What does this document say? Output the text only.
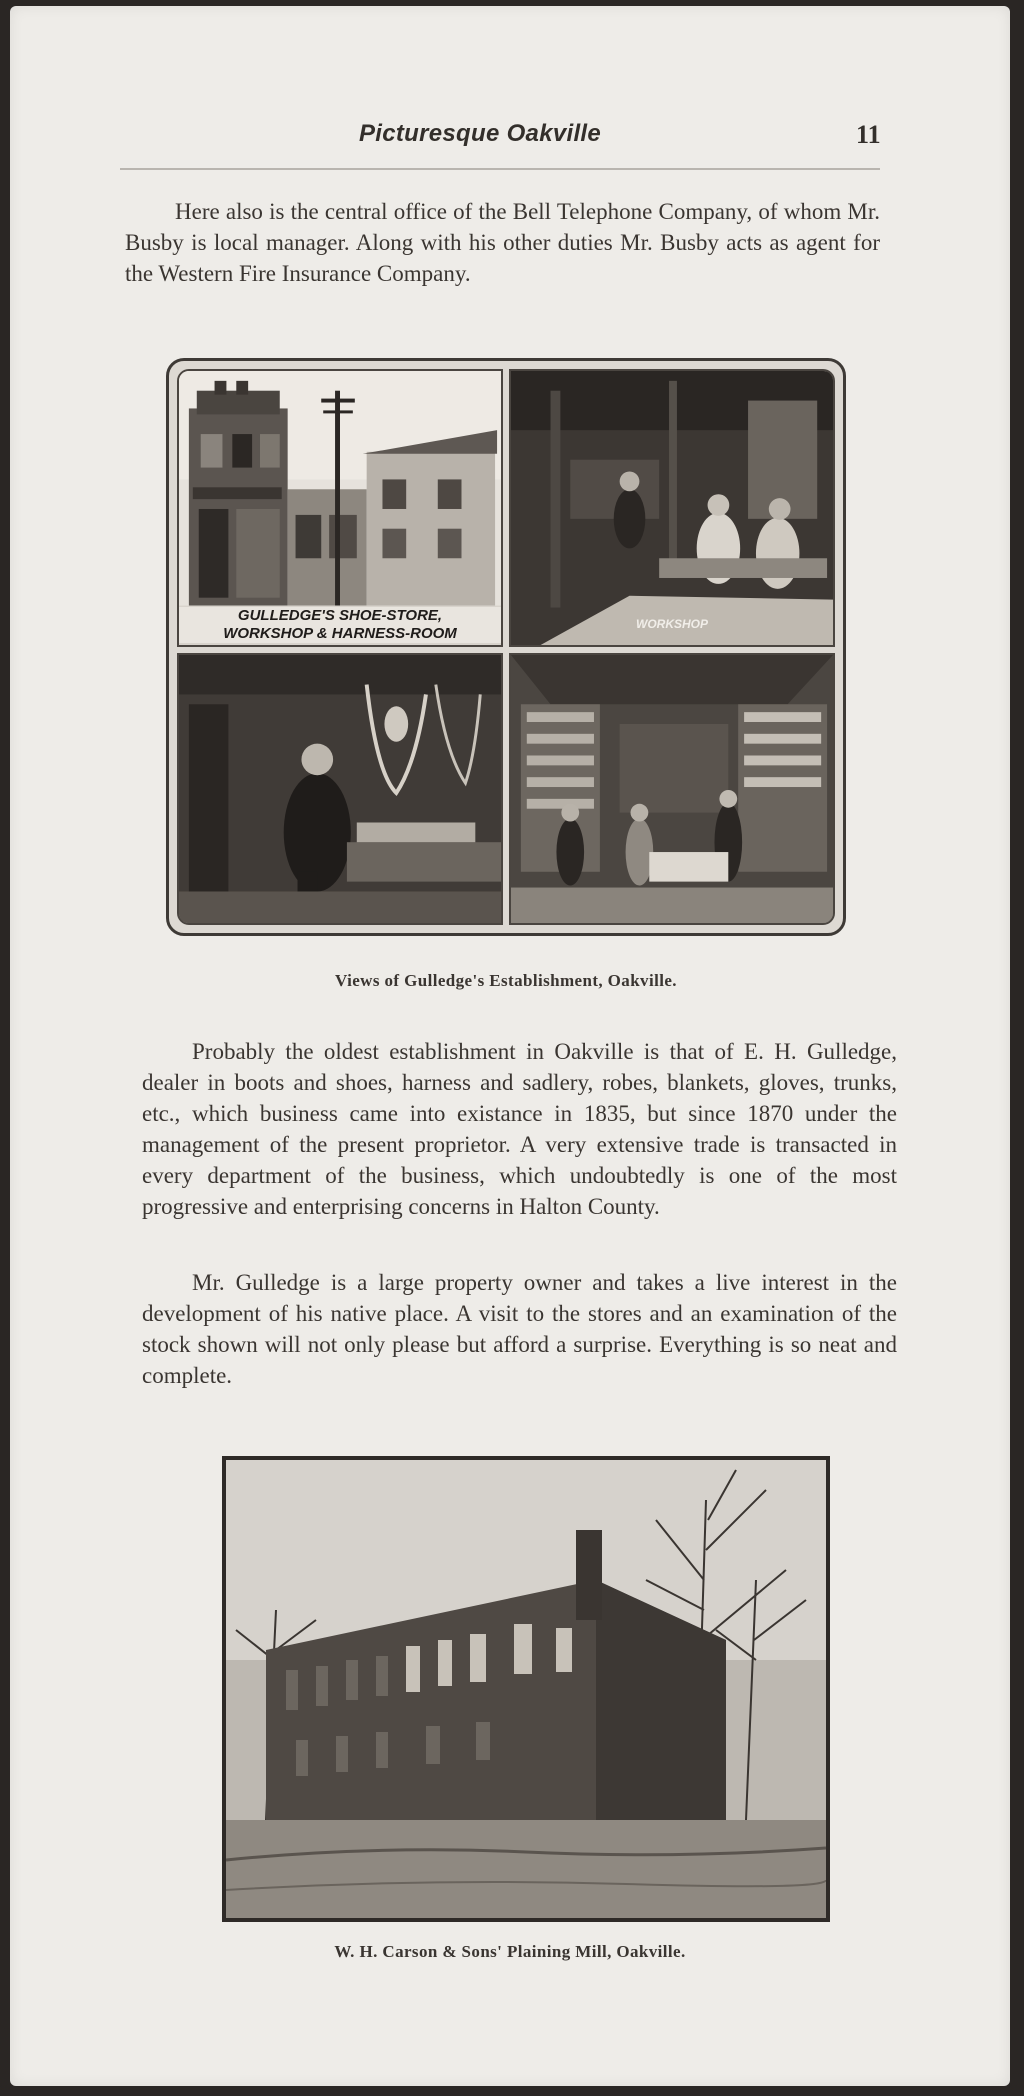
Picturesque Oakville	11

Here also is the central office of the Bell Telephone Company, of whom Mr. Busby is local manager. Along with his other duties Mr. Busby acts as agent for the Western Fire Insurance Company.

GULLEDGE'S SHOE-STORE,
WORKSHOP & HARNESS-ROOM
WORKSHOP
Views of Gulledge's Establishment, Oakville.

Probably the oldest establishment in Oakville is that of E. H. Gulledge, dealer in boots and shoes, harness and sadlery, robes, blankets, gloves, trunks, etc., which business came into existance in 1835, but since 1870 under the management of the present proprietor. A very extensive trade is transacted in every department of the business, which undoubtedly is one of the most progressive and enterprising concerns in Halton County.

Mr. Gulledge is a large property owner and takes a live interest in the development of his native place. A visit to the stores and an examination of the stock shown will not only please but afford a surprise. Everything is so neat and complete.

W. H. Carson & Sons' Plaining Mill, Oakville.
